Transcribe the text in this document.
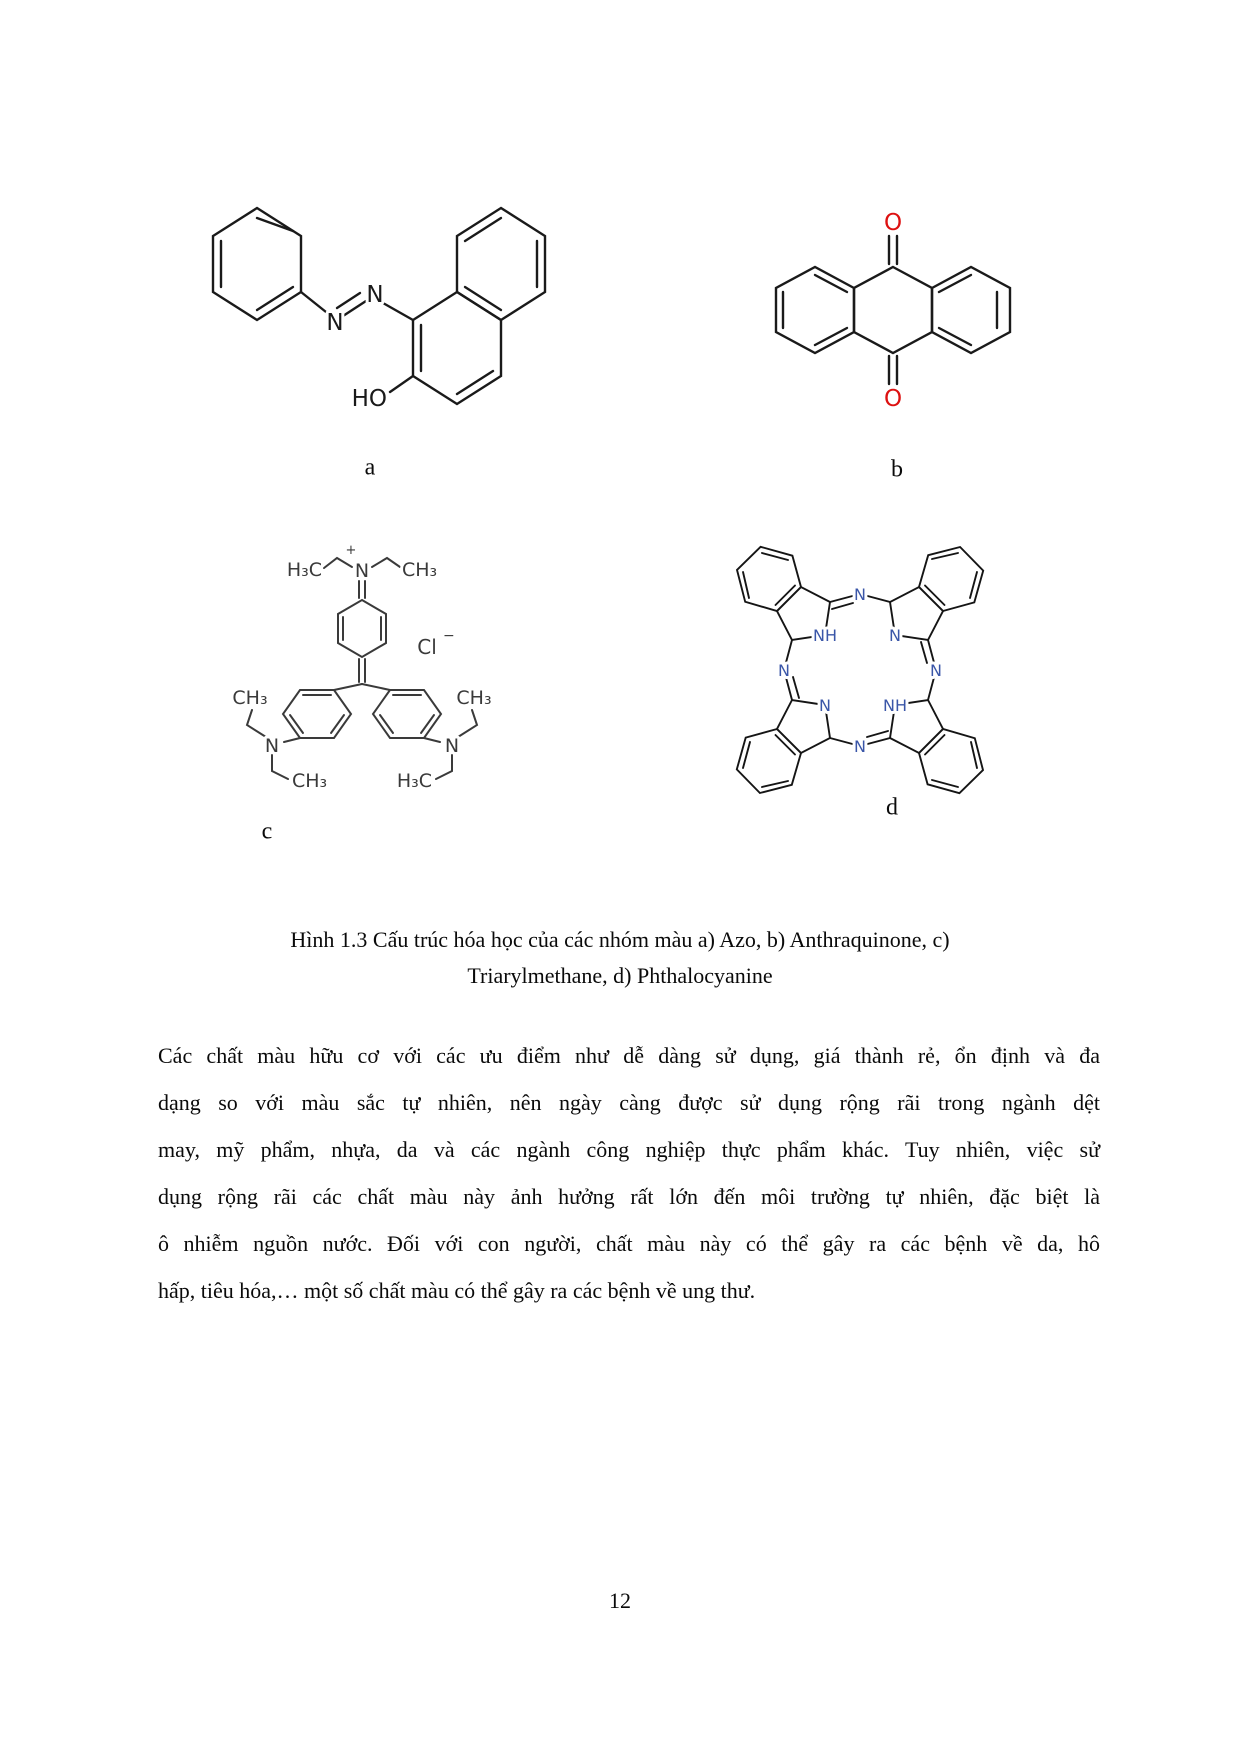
N
N
HO
a
O
O
b
H₃C
+
N CH₃
Cl −
CH₃
N
CH₃
CH₃
N
H₃C
c
N
N
N
N
NH	N
N	NH
d
Hình 1.3 Cấu trúc hóa học của các nhóm màu a) Azo, b) Anthraquinone, c)
Triarylmethane, d) Phthalocyanine
Các chất màu hữu cơ với các ưu điểm như dễ dàng sử dụng, giá thành rẻ, ổn định và đa
dạng so với màu sắc tự nhiên, nên ngày càng được sử dụng rộng rãi trong ngành dệt
may, mỹ phẩm, nhựa, da và các ngành công nghiệp thực phẩm khác. Tuy nhiên, việc sử
dụng rộng rãi các chất màu này ảnh hưởng rất lớn đến môi trường tự nhiên, đặc biệt là
ô nhiễm nguồn nước. Đối với con người, chất màu này có thể gây ra các bệnh về da, hô
hấp, tiêu hóa,… một số chất màu có thể gây ra các bệnh về ung thư.
12
